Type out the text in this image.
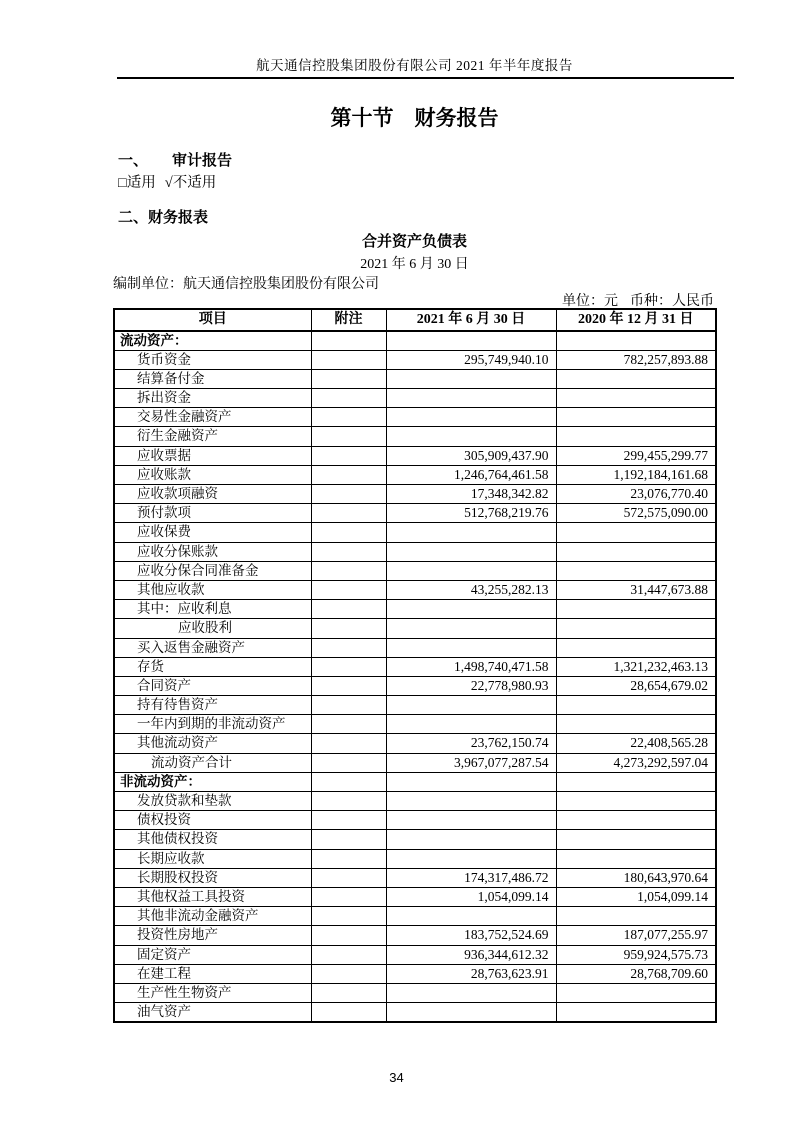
航天通信控股集团股份有限公司 2021 年半年度报告
第十节 财务报告
一、 审计报告
□适用 √不适用
二、财务报表
合并资产负债表
2021 年 6 月 30 日
编制单位：航天通信控股集团股份有限公司
单位：元 币种：人民币
项目	附注	2021 年 6 月 30 日	2020 年 12 月 31 日
流动资产：			
货币资金		295,749,940.10	782,257,893.88
结算备付金			
拆出资金			
交易性金融资产			
衍生金融资产			
应收票据		305,909,437.90	299,455,299.77
应收账款		1,246,764,461.58	1,192,184,161.68
应收款项融资		17,348,342.82	23,076,770.40
预付款项		512,768,219.76	572,575,090.00
应收保费			
应收分保账款			
应收分保合同准备金			
其他应收款		43,255,282.13	31,447,673.88
其中：应收利息			
应收股利			
买入返售金融资产			
存货		1,498,740,471.58	1,321,232,463.13
合同资产		22,778,980.93	28,654,679.02
持有待售资产			
一年内到期的非流动资产			
其他流动资产		23,762,150.74	22,408,565.28
流动资产合计		3,967,077,287.54	4,273,292,597.04
非流动资产：			
发放贷款和垫款			
债权投资			
其他债权投资			
长期应收款			
长期股权投资		174,317,486.72	180,643,970.64
其他权益工具投资		1,054,099.14	1,054,099.14
其他非流动金融资产			
投资性房地产		183,752,524.69	187,077,255.97
固定资产		936,344,612.32	959,924,575.73
在建工程		28,763,623.91	28,768,709.60
生产性生物资产			
油气资产			
34
